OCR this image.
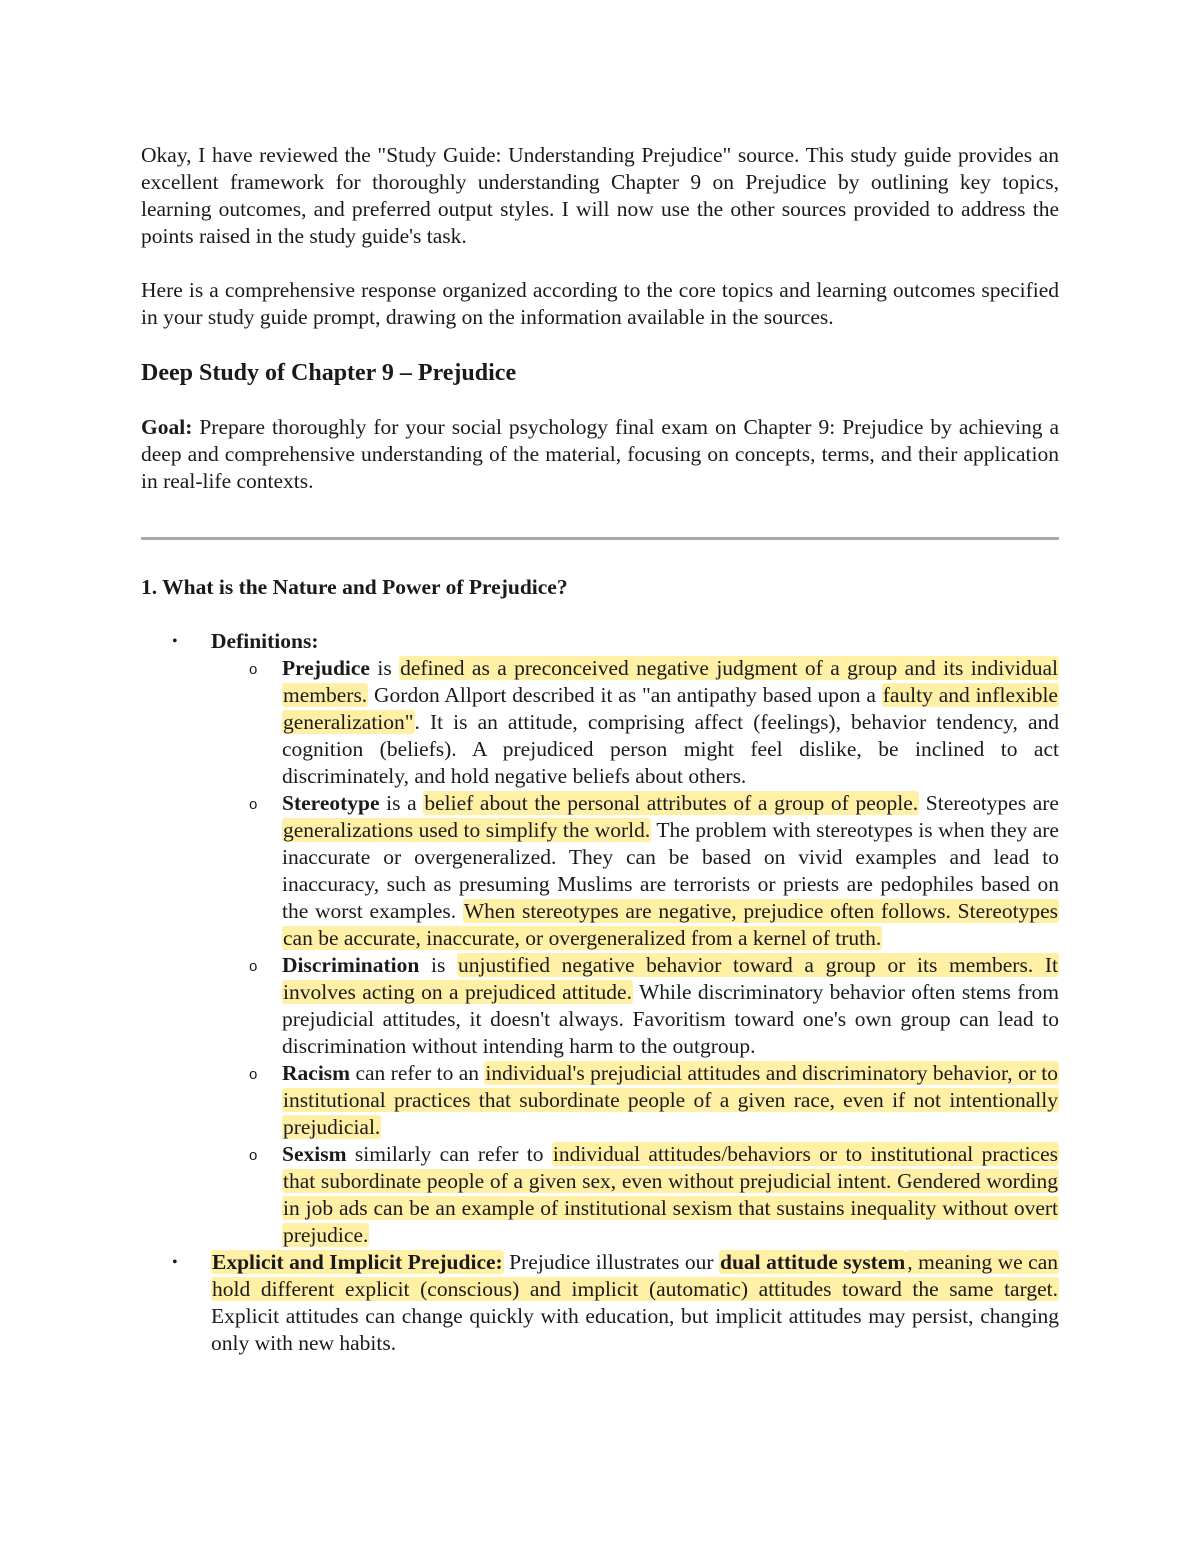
Okay, I have reviewed the "Study Guide: Understanding Prejudice" source. This study guide provides an excellent framework for thoroughly understanding Chapter 9 on Prejudice by outlining key topics, learning outcomes, and preferred output styles. I will now use the other sources provided to address the points raised in the study guide's task.

Here is a comprehensive response organized according to the core topics and learning outcomes specified in your study guide prompt, drawing on the information available in the sources.

Deep Study of Chapter 9 – Prejudice

Goal: Prepare thoroughly for your social psychology final exam on Chapter 9: Prejudice by achieving a deep and comprehensive understanding of the material, focusing on concepts, terms, and their application in real-life contexts.

1. What is the Nature and Power of Prejudice?

• Definitions:
o Prejudice is defined as a preconceived negative judgment of a group and its individual members. Gordon Allport described it as "an antipathy based upon a faulty and inflexible generalization". It is an attitude, comprising affect (feelings), behavior tendency, and cognition (beliefs). A prejudiced person might feel dislike, be inclined to act discriminately, and hold negative beliefs about others.
o Stereotype is a belief about the personal attributes of a group of people. Stereotypes are generalizations used to simplify the world. The problem with stereotypes is when they are inaccurate or overgeneralized. They can be based on vivid examples and lead to inaccuracy, such as presuming Muslims are terrorists or priests are pedophiles based on the worst examples. When stereotypes are negative, prejudice often follows. Stereotypes can be accurate, inaccurate, or overgeneralized from a kernel of truth.
o Discrimination is unjustified negative behavior toward a group or its members. It involves acting on a prejudiced attitude. While discriminatory behavior often stems from prejudicial attitudes, it doesn't always. Favoritism toward one's own group can lead to discrimination without intending harm to the outgroup.
o Racism can refer to an individual's prejudicial attitudes and discriminatory behavior, or to institutional practices that subordinate people of a given race, even if not intentionally prejudicial.
o Sexism similarly can refer to individual attitudes/behaviors or to institutional practices that subordinate people of a given sex, even without prejudicial intent. Gendered wording in job ads can be an example of institutional sexism that sustains inequality without overt prejudice.
• Explicit and Implicit Prejudice: Prejudice illustrates our dual attitude system, meaning we can hold different explicit (conscious) and implicit (automatic) attitudes toward the same target. Explicit attitudes can change quickly with education, but implicit attitudes may persist, changing only with new habits.
